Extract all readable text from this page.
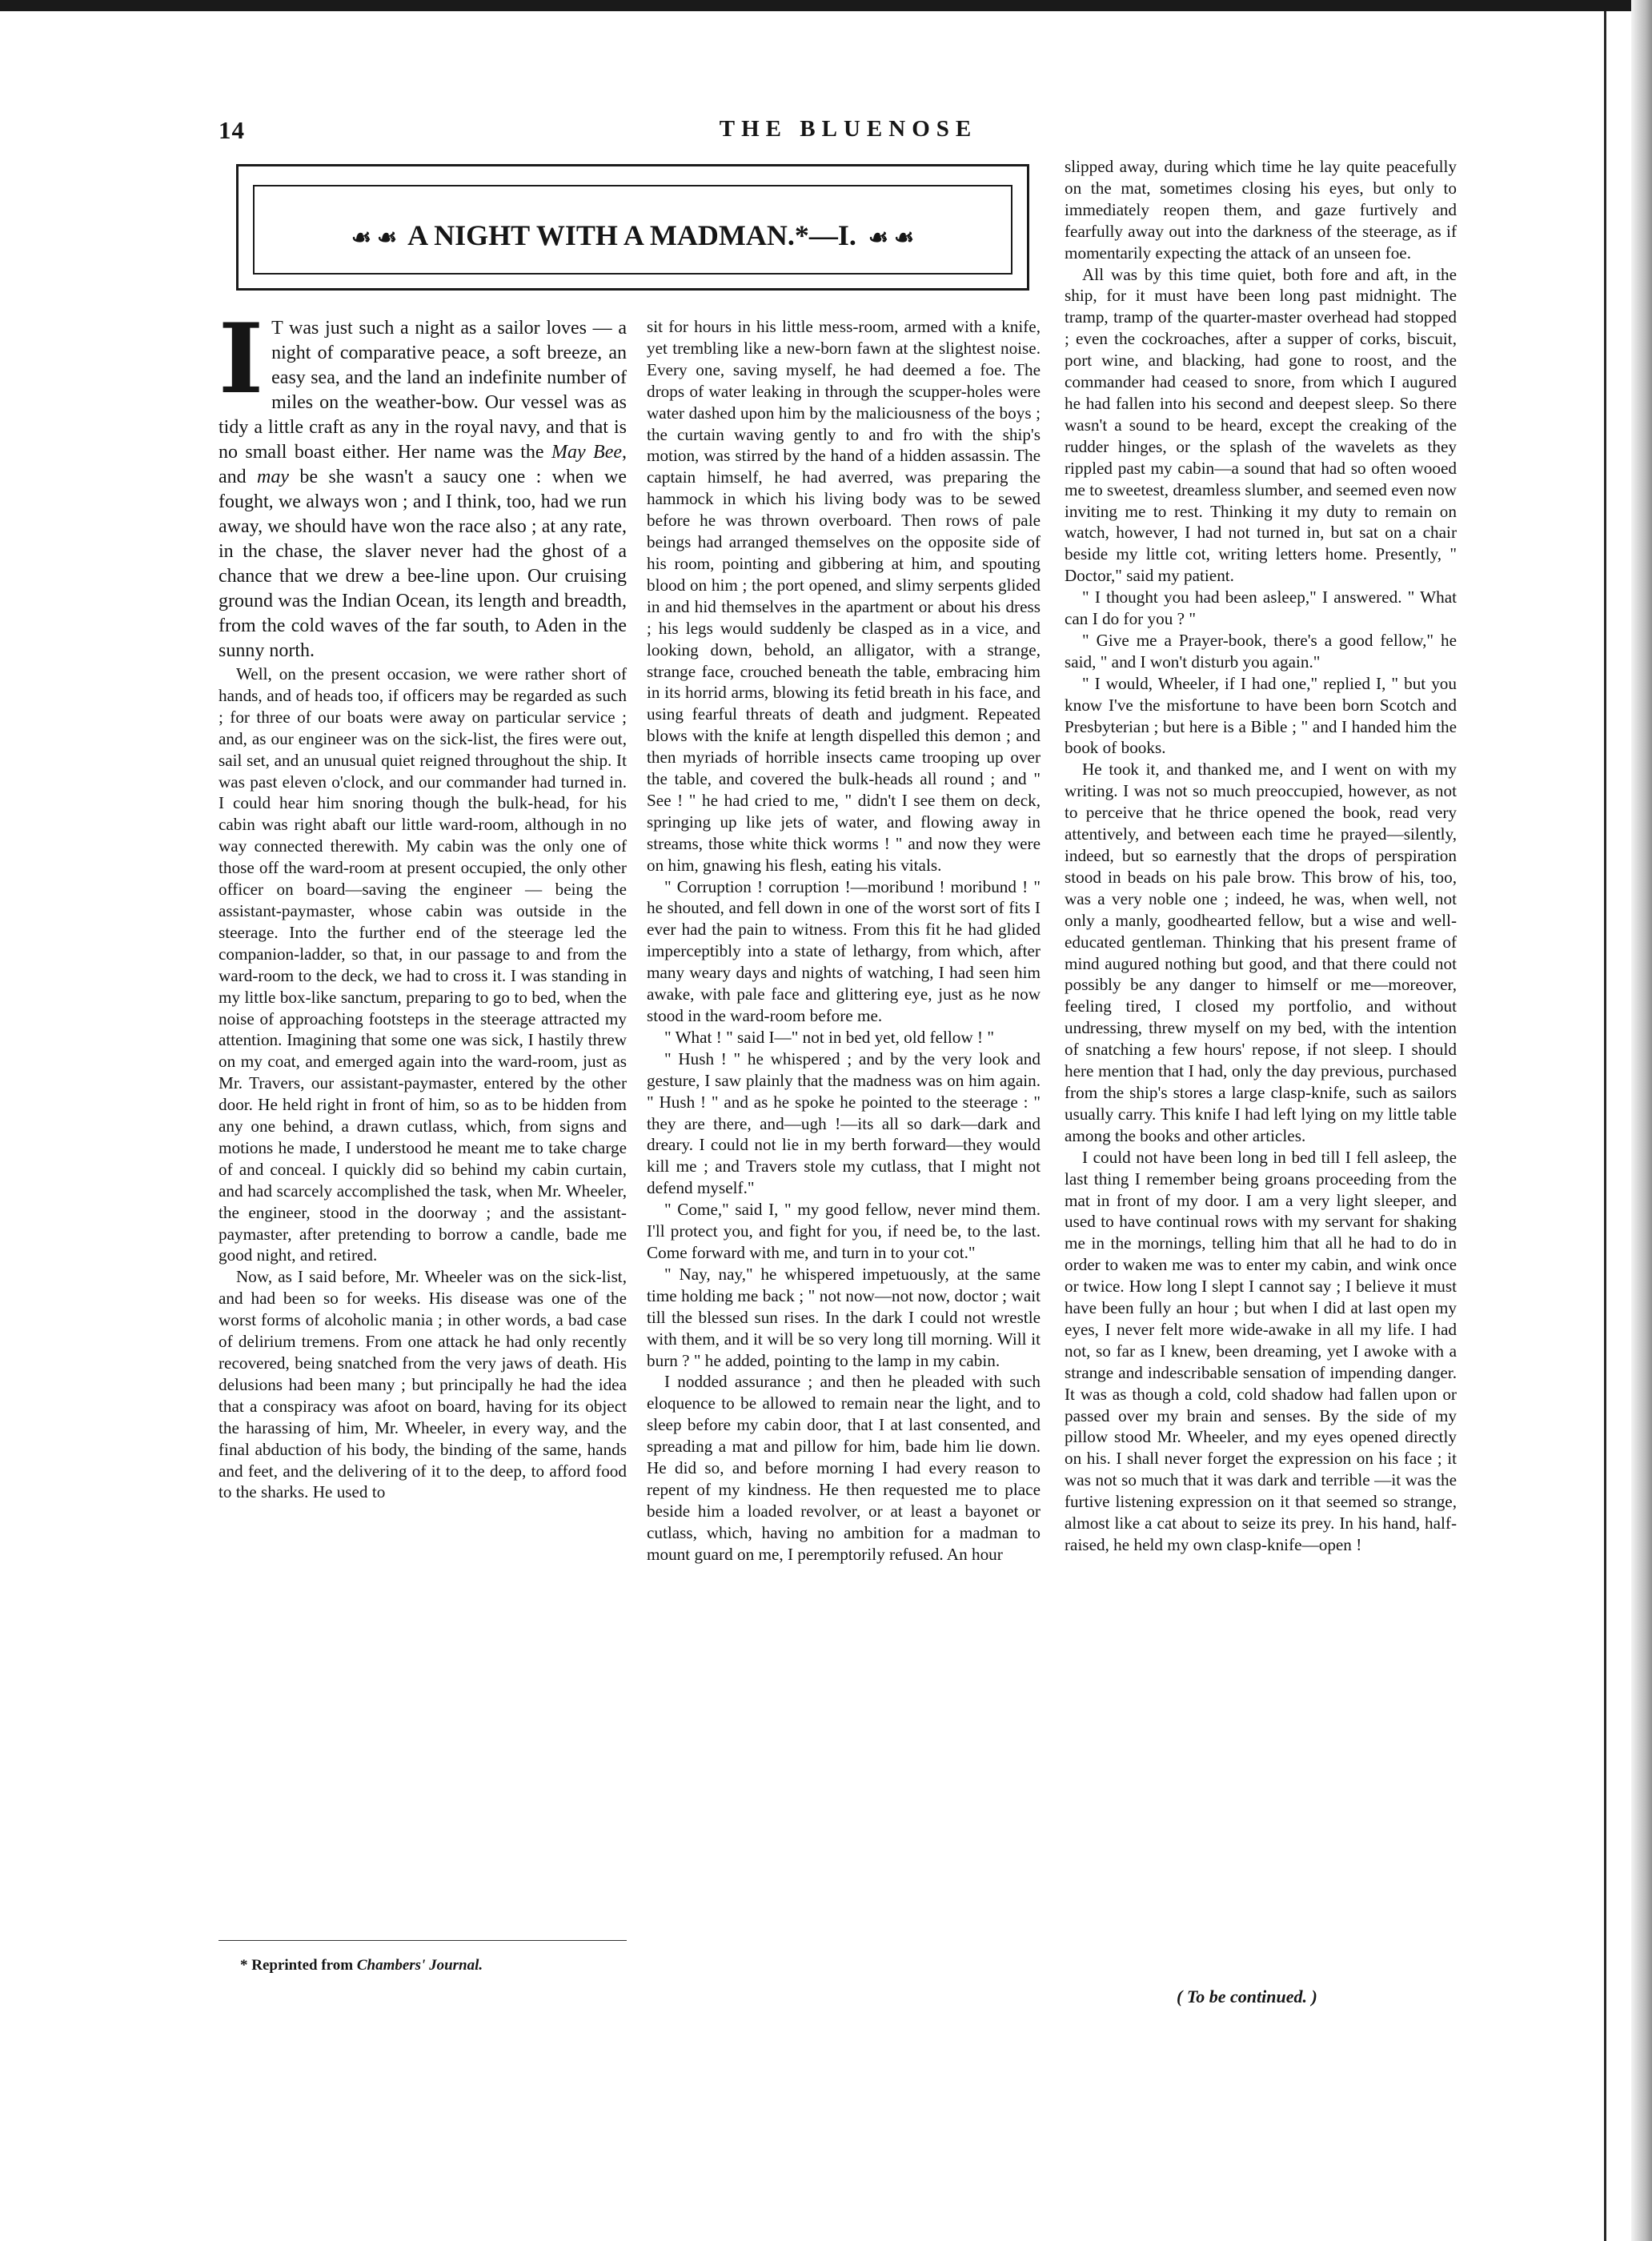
14	THE BLUENOSE
☙ ☙ A NIGHT WITH A MADMAN.*—I. ☙ ☙

I T was just such a night as a sailor loves — a night of comparative peace, a soft breeze, an easy sea, and the land an indefinite number of miles on the weather-bow. Our vessel was as tidy a little craft as any in the royal navy, and that is no small boast either. Her name was the May Bee, and may be she wasn't a saucy one : when we fought, we always won ; and I think, too, had we run away, we should have won the race also ; at any rate, in the chase, the slaver never had the ghost of a chance that we drew a bee-line upon. Our cruising ground was the Indian Ocean, its length and breadth, from the cold waves of the far south, to Aden in the sunny north.

Well, on the present occasion, we were rather short of hands, and of heads too, if officers may be regarded as such ; for three of our boats were away on particular service ; and, as our engineer was on the sick-list, the fires were out, sail set, and an unusual quiet reigned throughout the ship. It was past eleven o'clock, and our commander had turned in. I could hear him snoring though the bulk-head, for his cabin was right abaft our little ward-room, although in no way connected therewith. My cabin was the only one of those off the ward-room at present occupied, the only other officer on board—saving the engineer — being the assistant-paymaster, whose cabin was outside in the steerage. Into the further end of the steerage led the companion-ladder, so that, in our passage to and from the ward-room to the deck, we had to cross it. I was standing in my little box-like sanctum, preparing to go to bed, when the noise of approaching footsteps in the steerage attracted my attention. Imagining that some one was sick, I hastily threw on my coat, and emerged again into the ward-room, just as Mr. Travers, our assistant-paymaster, entered by the other door. He held right in front of him, so as to be hidden from any one behind, a drawn cutlass, which, from signs and motions he made, I understood he meant me to take charge of and conceal. I quickly did so behind my cabin curtain, and had scarcely accomplished the task, when Mr. Wheeler, the engineer, stood in the doorway ; and the assistant-paymaster, after pretending to borrow a candle, bade me good night, and retired.

Now, as I said before, Mr. Wheeler was on the sick-list, and had been so for weeks. His disease was one of the worst forms of alcoholic mania ; in other words, a bad case of delirium tremens. From one attack he had only recently recovered, being snatched from the very jaws of death. His delusions had been many ; but principally he had the idea that a conspiracy was afoot on board, having for its object the harassing of him, Mr. Wheeler, in every way, and the final abduction of his body, the binding of the same, hands and feet, and the delivering of it to the deep, to afford food to the sharks. He used to

* Reprinted from Chambers' Journal.

sit for hours in his little mess-room, armed with a knife, yet trembling like a new-born fawn at the slightest noise. Every one, saving myself, he had deemed a foe. The drops of water leaking in through the scupper-holes were water dashed upon him by the maliciousness of the boys ; the curtain waving gently to and fro with the ship's motion, was stirred by the hand of a hidden assassin. The captain himself, he had averred, was preparing the hammock in which his living body was to be sewed before he was thrown overboard. Then rows of pale beings had arranged themselves on the opposite side of his room, pointing and gibbering at him, and spouting blood on him ; the port opened, and slimy serpents glided in and hid themselves in the apartment or about his dress ; his legs would suddenly be clasped as in a vice, and looking down, behold, an alligator, with a strange, strange face, crouched beneath the table, embracing him in its horrid arms, blowing its fetid breath in his face, and using fearful threats of death and judgment. Repeated blows with the knife at length dispelled this demon ; and then myriads of horrible insects came trooping up over the table, and covered the bulk-heads all round ; and " See ! " he had cried to me, " didn't I see them on deck, springing up like jets of water, and flowing away in streams, those white thick worms ! " and now they were on him, gnawing his flesh, eating his vitals.

" Corruption ! corruption !—moribund ! moribund ! " he shouted, and fell down in one of the worst sort of fits I ever had the pain to witness. From this fit he had glided imperceptibly into a state of lethargy, from which, after many weary days and nights of watching, I had seen him awake, with pale face and glittering eye, just as he now stood in the ward-room before me.

" What ! " said I—" not in bed yet, old fellow ! "

" Hush ! " he whispered ; and by the very look and gesture, I saw plainly that the madness was on him again. " Hush ! " and as he spoke he pointed to the steerage : " they are there, and—ugh !—its all so dark—dark and dreary. I could not lie in my berth forward—they would kill me ; and Travers stole my cutlass, that I might not defend myself."

" Come," said I, " my good fellow, never mind them. I'll protect you, and fight for you, if need be, to the last. Come forward with me, and turn in to your cot."

" Nay, nay," he whispered impetuously, at the same time holding me back ; " not now—not now, doctor ; wait till the blessed sun rises. In the dark I could not wrestle with them, and it will be so very long till morning. Will it burn ? " he added, pointing to the lamp in my cabin.

I nodded assurance ; and then he pleaded with such eloquence to be allowed to remain near the light, and to sleep before my cabin door, that I at last consented, and spreading a mat and pillow for him, bade him lie down. He did so, and before morning I had every reason to repent of my kindness. He then requested me to place beside him a loaded revolver, or at least a bayonet or cutlass, which, having no ambition for a madman to mount guard on me, I peremptorily refused. An hour

slipped away, during which time he lay quite peacefully on the mat, sometimes closing his eyes, but only to immediately reopen them, and gaze furtively and fearfully away out into the darkness of the steerage, as if momentarily expecting the attack of an unseen foe.

All was by this time quiet, both fore and aft, in the ship, for it must have been long past midnight. The tramp, tramp of the quarter-master overhead had stopped ; even the cockroaches, after a supper of corks, biscuit, port wine, and blacking, had gone to roost, and the commander had ceased to snore, from which I augured he had fallen into his second and deepest sleep. So there wasn't a sound to be heard, except the creaking of the rudder hinges, or the splash of the wavelets as they rippled past my cabin—a sound that had so often wooed me to sweetest, dreamless slumber, and seemed even now inviting me to rest. Thinking it my duty to remain on watch, however, I had not turned in, but sat on a chair beside my little cot, writing letters home. Presently, " Doctor," said my patient.

" I thought you had been asleep," I answered. " What can I do for you ? "

" Give me a Prayer-book, there's a good fellow," he said, " and I won't disturb you again."

" I would, Wheeler, if I had one," replied I, " but you know I've the misfortune to have been born Scotch and Presbyterian ; but here is a Bible ; " and I handed him the book of books.

He took it, and thanked me, and I went on with my writing. I was not so much preoccupied, however, as not to perceive that he thrice opened the book, read very attentively, and between each time he prayed—silently, indeed, but so earnestly that the drops of perspiration stood in beads on his pale brow. This brow of his, too, was a very noble one ; indeed, he was, when well, not only a manly, goodhearted fellow, but a wise and well-educated gentleman. Thinking that his present frame of mind augured nothing but good, and that there could not possibly be any danger to himself or me—moreover, feeling tired, I closed my portfolio, and without undressing, threw myself on my bed, with the intention of snatching a few hours' repose, if not sleep. I should here mention that I had, only the day previous, purchased from the ship's stores a large clasp-knife, such as sailors usually carry. This knife I had left lying on my little table among the books and other articles.

I could not have been long in bed till I fell asleep, the last thing I remember being groans proceeding from the mat in front of my door. I am a very light sleeper, and used to have continual rows with my servant for shaking me in the mornings, telling him that all he had to do in order to waken me was to enter my cabin, and wink once or twice. How long I slept I cannot say ; I believe it must have been fully an hour ; but when I did at last open my eyes, I never felt more wide-awake in all my life. I had not, so far as I knew, been dreaming, yet I awoke with a strange and indescribable sensation of impending danger. It was as though a cold, cold shadow had fallen upon or passed over my brain and senses. By the side of my pillow stood Mr. Wheeler, and my eyes opened directly on his. I shall never forget the expression on his face ; it was not so much that it was dark and terrible —it was the furtive listening expression on it that seemed so strange, almost like a cat about to seize its prey. In his hand, half-raised, he held my own clasp-knife—open !

( To be continued. )
